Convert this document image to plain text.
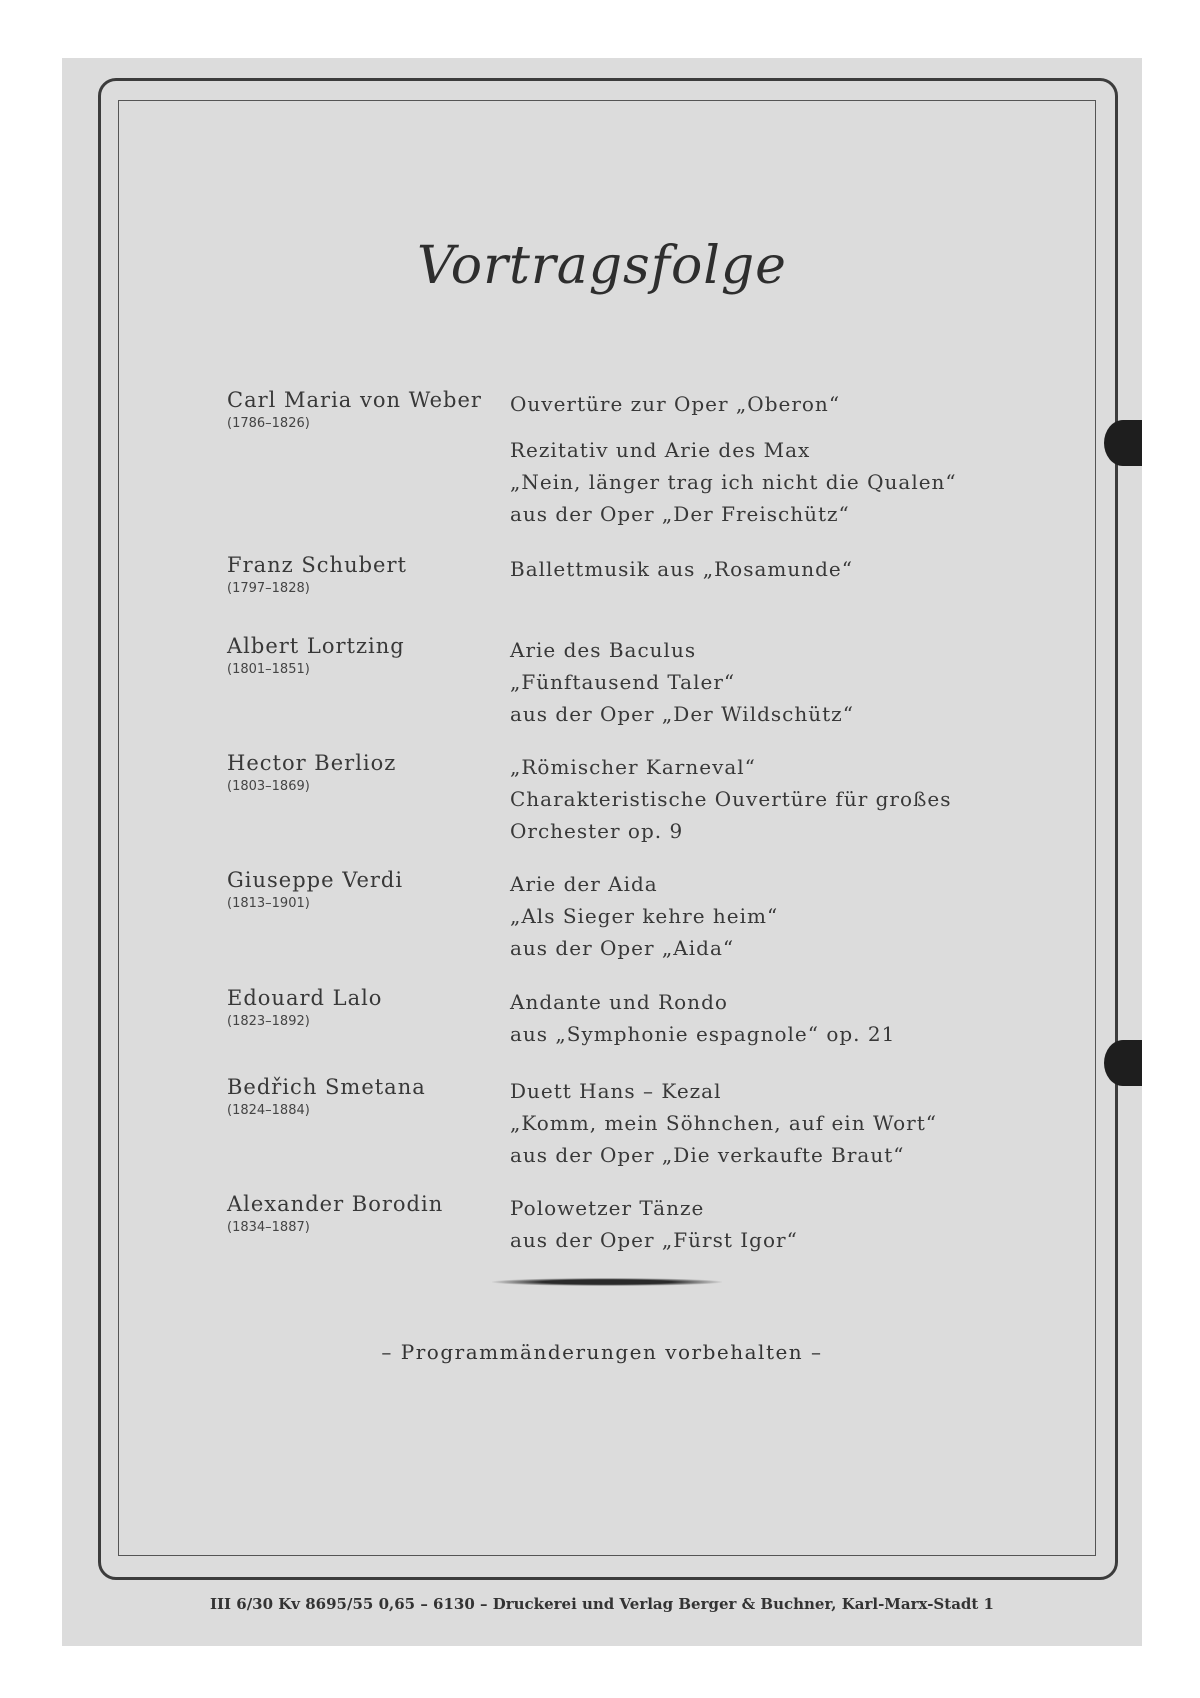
Vortragsfolge
Carl Maria von Weber
(1786–1826)
Ouvertüre zur Oper „Oberon“
Rezitativ und Arie des Max
„Nein, länger trag ich nicht die Qualen“
aus der Oper „Der Freischütz“
Franz Schubert
(1797–1828)
Ballettmusik aus „Rosamunde“
Albert Lortzing
(1801–1851)
Arie des Baculus
„Fünftausend Taler“
aus der Oper „Der Wildschütz“
Hector Berlioz
(1803–1869)
„Römischer Karneval“
Charakteristische Ouvertüre für großes
Orchester op. 9
Giuseppe Verdi
(1813–1901)
Arie der Aida
„Als Sieger kehre heim“
aus der Oper „Aida“
Edouard Lalo
(1823–1892)
Andante und Rondo
aus „Symphonie espagnole“ op. 21
Bedřich Smetana
(1824–1884)
Duett Hans – Kezal
„Komm, mein Söhnchen, auf ein Wort“
aus der Oper „Die verkaufte Braut“
Alexander Borodin
(1834–1887)
Polowetzer Tänze
aus der Oper „Fürst Igor“
– Programmänderungen vorbehalten –
III 6/30 Kv 8695/55 0,65 – 6130 – Druckerei und Verlag Berger & Buchner, Karl-Marx-Stadt 1
